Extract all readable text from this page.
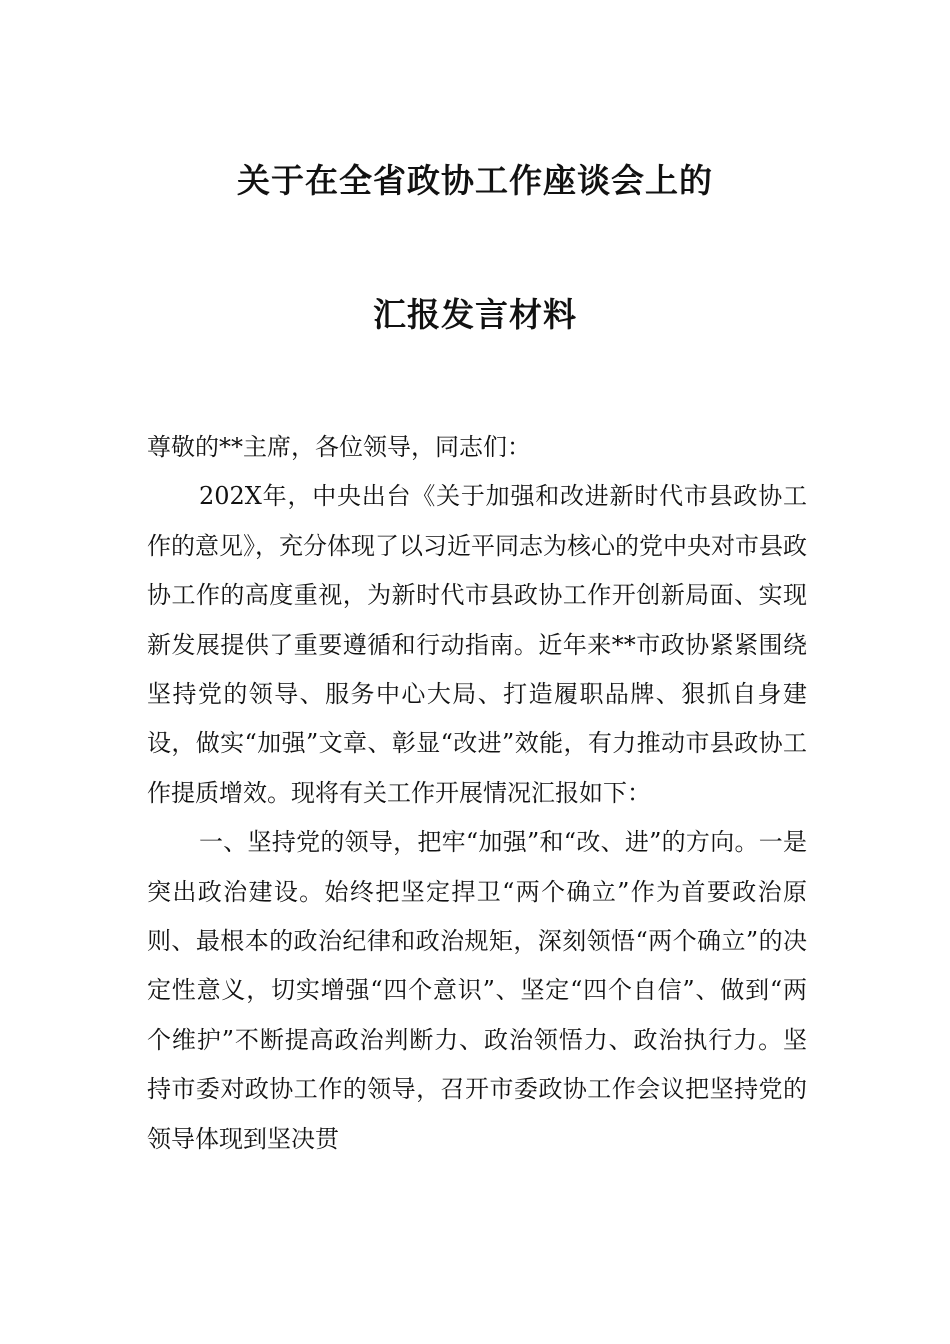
关于在全省政协工作座谈会上的
汇报发言材料

尊敬的**主席，各位领导，同志们：

202X年，中央出台《关于加强和改进新时代市县政协工作的意见》，充分体现了以习近平同志为核心的党中央对市县政协工作的高度重视，为新时代市县政协工作开创新局面、实现新发展提供了重要遵循和行动指南。近年来**市政协紧紧围绕坚持党的领导、服务中心大局、打造履职品牌、狠抓自身建设，做实“加强”文章、彰显“改进”效能，有力推动市县政协工作提质增效。现将有关工作开展情况汇报如下：

一、坚持党的领导，把牢“加强”和“改、进”的方向。一是突出政治建设。始终把坚定捍卫“两个确立”作为首要政治原则、最根本的政治纪律和政治规矩，深刻领悟“两个确立”的决定性意义，切实增强“四个意识”、坚定“四个自信”、做到“两个维护”不断提高政治判断力、政治领悟力、政治执行力。坚持市委对政协工作的领导，召开市委政协工作会议把坚持党的领导体现到坚决贯
